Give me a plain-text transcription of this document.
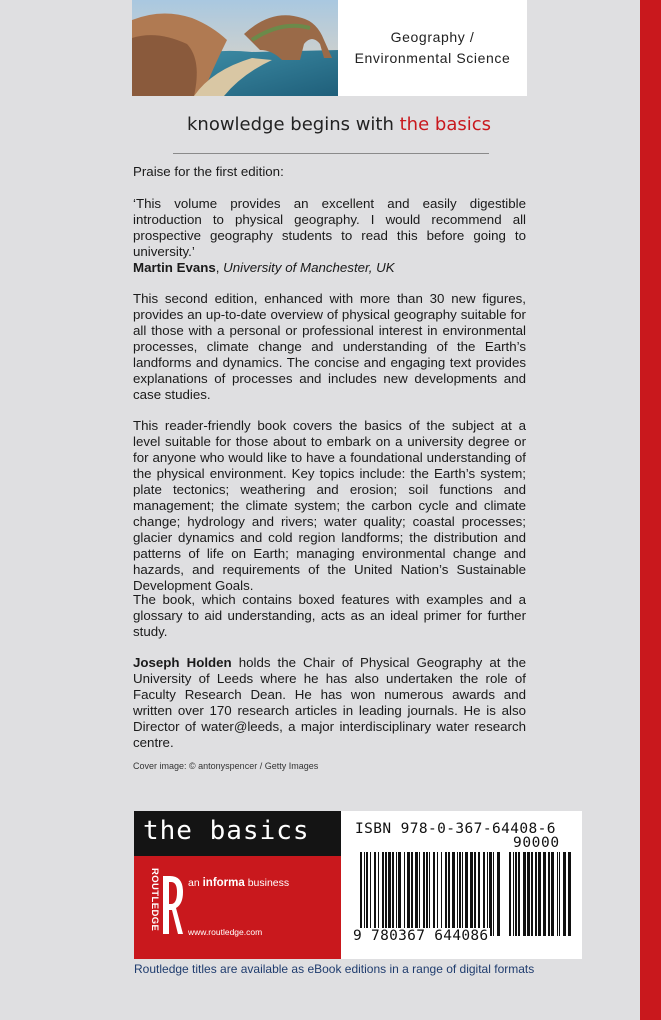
Geography /
Environmental Science
knowledge begins with the basics
Praise for the first edition:

‘This volume provides an excellent and easily digestible introduction to physical geography. I would recommend all prospective geography students to read this before going to university.’

Martin Evans, University of Manchester, UK

This second edition, enhanced with more than 30 new figures, provides an up-to-date overview of physical geography suitable for all those with a personal or professional interest in environmental processes, climate change and understanding of the Earth’s landforms and dynamics. The concise and engaging text provides explanations of processes and includes new developments and case studies.
This reader-friendly book covers the basics of the subject at a level suitable for those about to embark on a university degree or for anyone who would like to have a foundational understanding of the physical environment. Key topics include: the Earth’s system; plate tectonics; weathering and erosion; soil functions and management; the climate system; the carbon cycle and climate change; hydrology and rivers; water quality; coastal processes; glacier dynamics and cold region landforms; the distribution and patterns of life on Earth; managing environmental change and hazards, and requirements of the United Nation’s Sustainable Development Goals.
The book, which contains boxed features with examples and a glossary to aid understanding, acts as an ideal primer for further study.
Joseph Holden holds the Chair of Physical Geography at the University of Leeds where he has also undertaken the role of Faculty Research Dean. He has won numerous awards and written over 170 research articles in leading journals. He is also Director of water@leeds, a major interdisciplinary water research centre.
Cover image: © antonyspencer / Getty Images
the basics
ROUTLEDGE	an informa business
www.routledge.com
ISBN 978-0-367-64408-6
90000
9 780367 644086
Routledge titles are available as eBook editions in a range of digital formats
